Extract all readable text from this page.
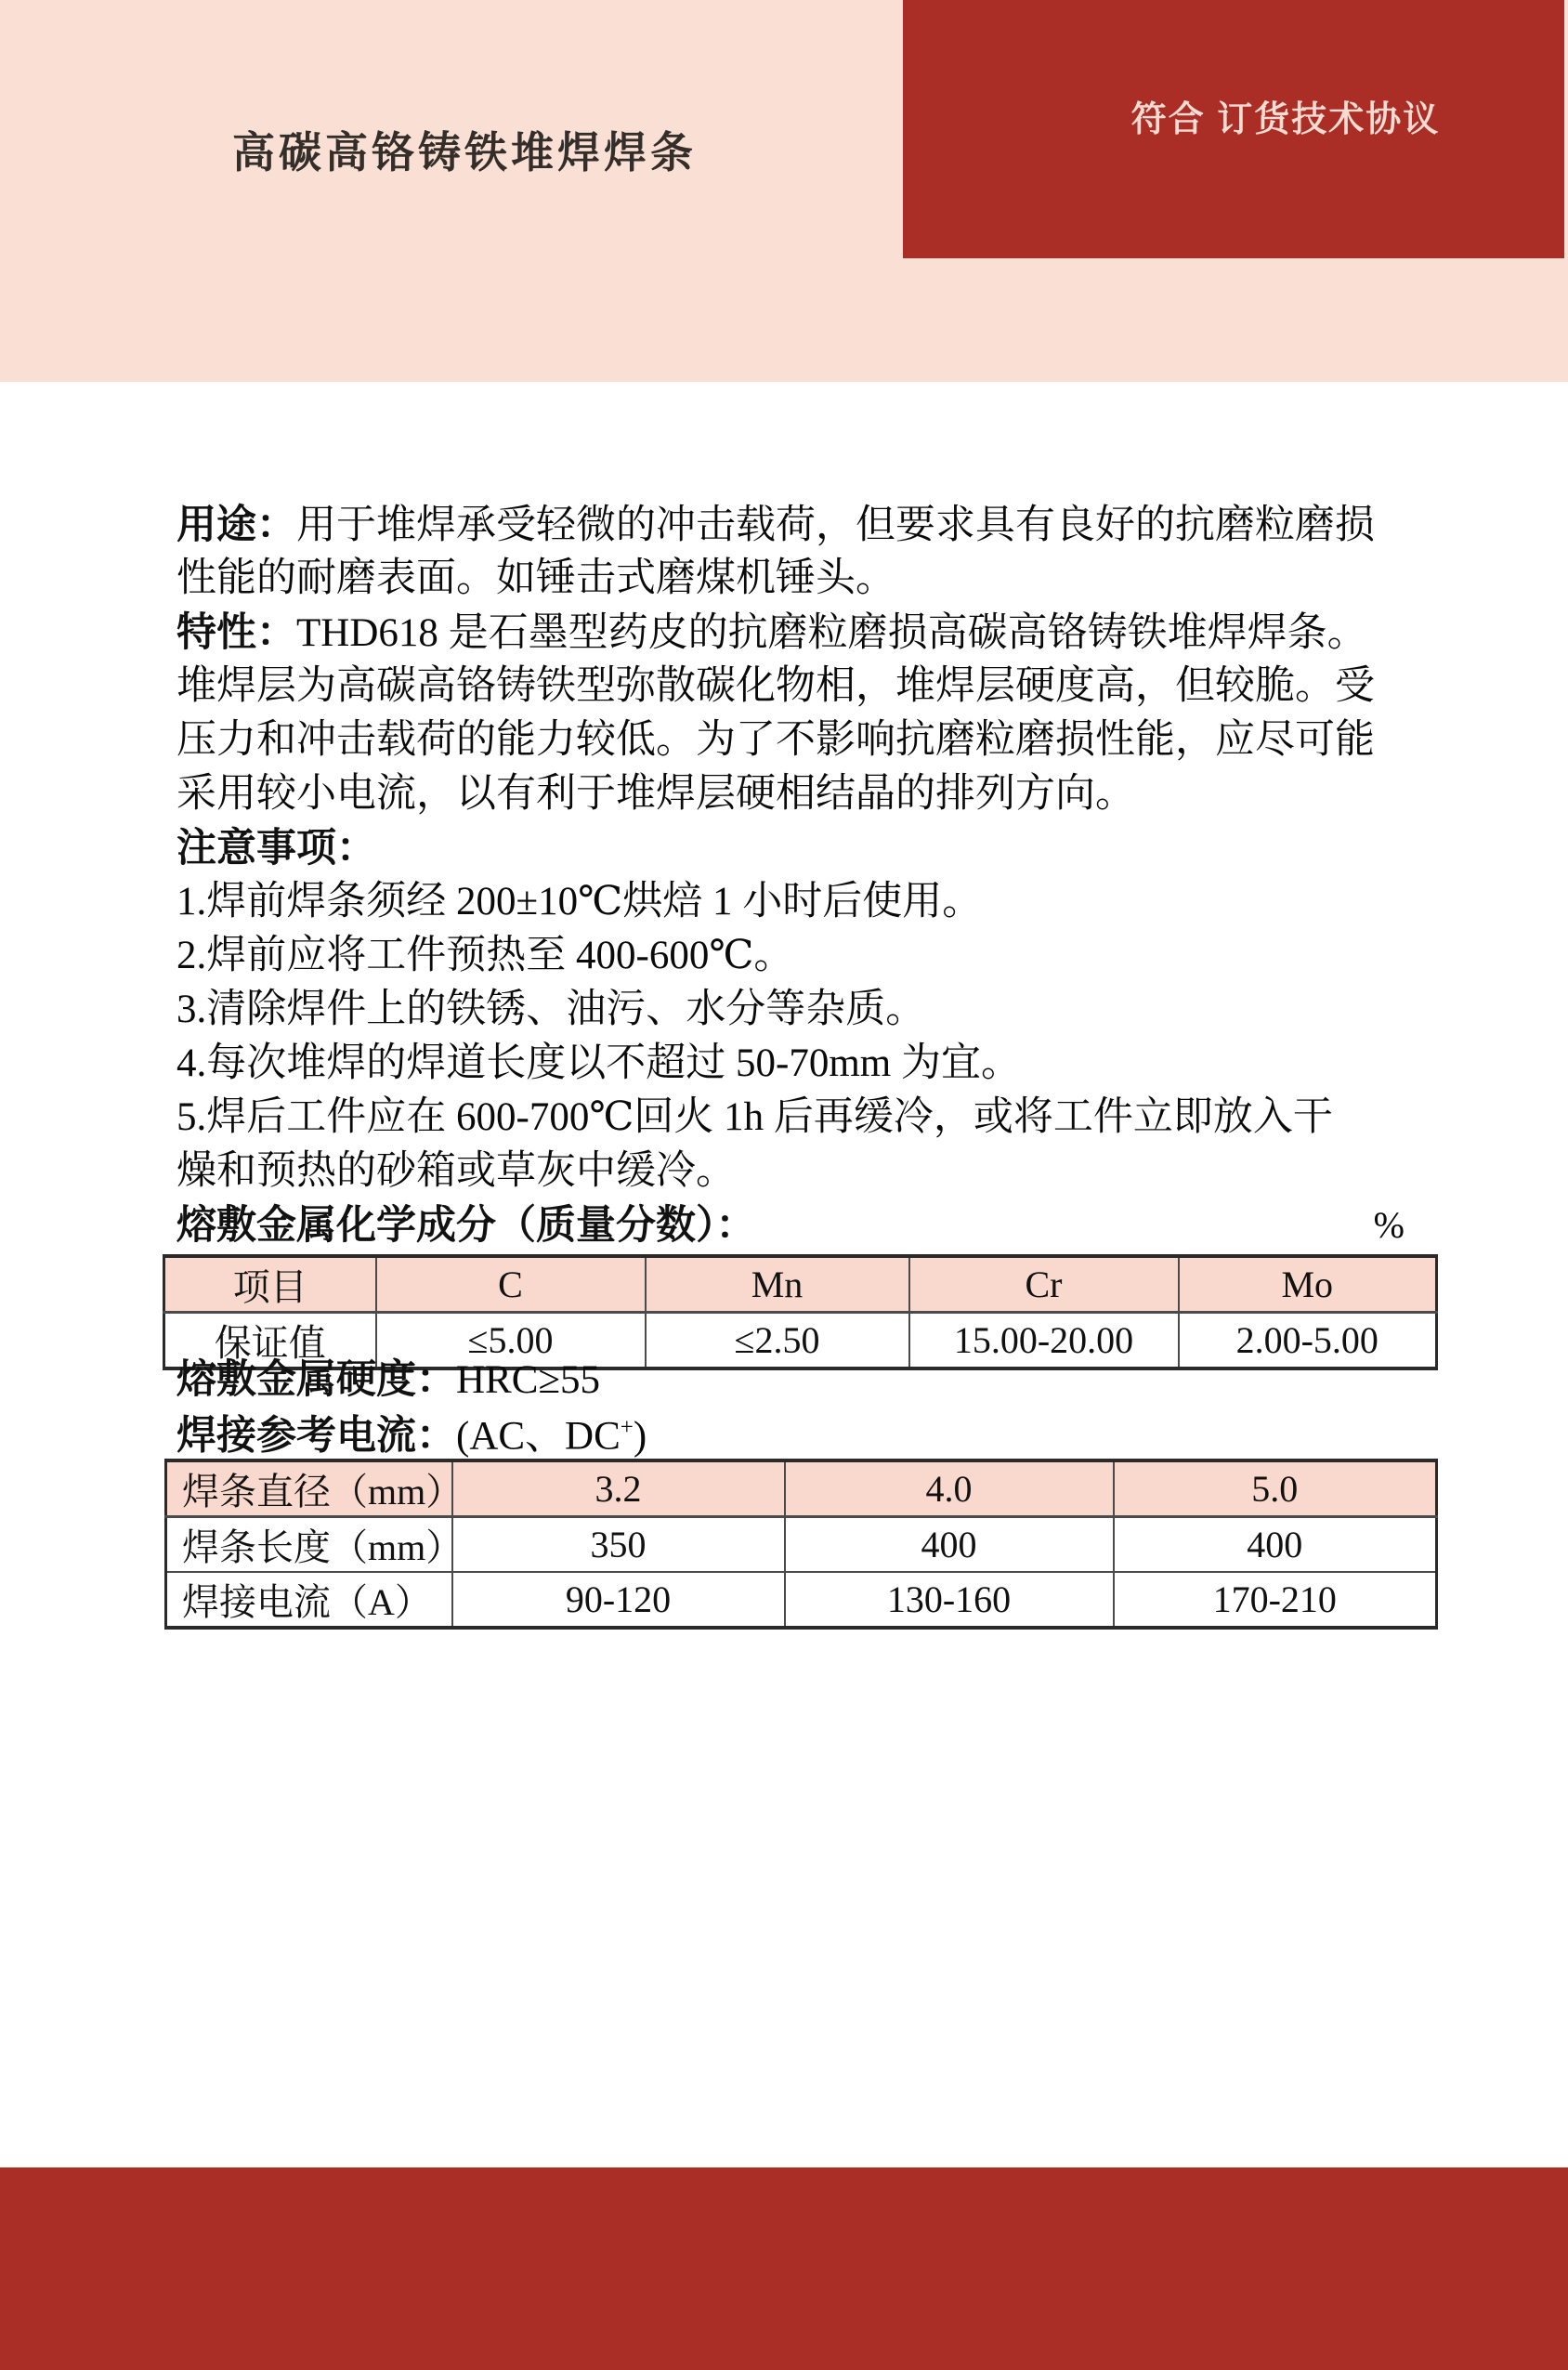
符合 订货技术协议
高碳高铬铸铁堆焊焊条
用途：用于堆焊承受轻微的冲击载荷，但要求具有良好的抗磨粒磨损
性能的耐磨表面。如锤击式磨煤机锤头。
特性：THD618 是石墨型药皮的抗磨粒磨损高碳高铬铸铁堆焊焊条。
堆焊层为高碳高铬铸铁型弥散碳化物相，堆焊层硬度高，但较脆。受
压力和冲击载荷的能力较低。为了不影响抗磨粒磨损性能，应尽可能
采用较小电流，以有利于堆焊层硬相结晶的排列方向。
注意事项：
1.焊前焊条须经 200±10℃烘焙 1 小时后使用。
2.焊前应将工件预热至 400-600℃。
3.清除焊件上的铁锈、油污、水分等杂质。
4.每次堆焊的焊道长度以不超过 50-70mm 为宜。
5.焊后工件应在 600-700℃回火 1h 后再缓冷，或将工件立即放入干
燥和预热的砂箱或草灰中缓冷。
%
熔敷金属化学成分（质量分数）：
项目	C	Mn	Cr	Mo
保证值	≤5.00	≤2.50	15.00-20.00	2.00-5.00
熔敷金属硬度：HRC≥55
焊接参考电流：(AC、DC+)
焊条直径（mm）	3.2	4.0	5.0
焊条长度（mm）	350	400	400
焊接电流（A）	90-120	130-160	170-210
